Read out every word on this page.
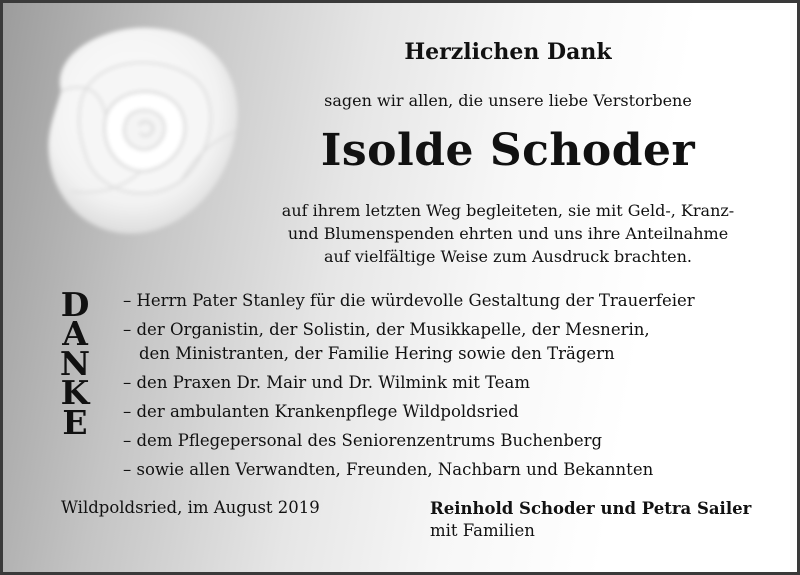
Herzlichen Dank
sagen wir allen, die unsere liebe Verstorbene
Isolde Schoder
auf ihrem letzten Weg begleiteten, sie mit Geld-, Kranz-
und Blumenspenden ehrten und uns ihre Anteilnahme
auf vielfältige Weise zum Ausdruck brachten.
D
A
N
K
E
– Herrn Pater Stanley für die würdevolle Gestaltung der Trauerfeier
– der Organistin, der Solistin, der Musikkapelle, der Mesnerin,
den Ministranten, der Familie Hering sowie den Trägern
– den Praxen Dr. Mair und Dr. Wilmink mit Team
– der ambulanten Krankenpflege Wildpoldsried
– dem Pflegepersonal des Seniorenzentrums Buchenberg
– sowie allen Verwandten, Freunden, Nachbarn und Bekannten
Wildpoldsried, im August 2019	Reinhold Schoder und Petra Sailer
mit Familien
